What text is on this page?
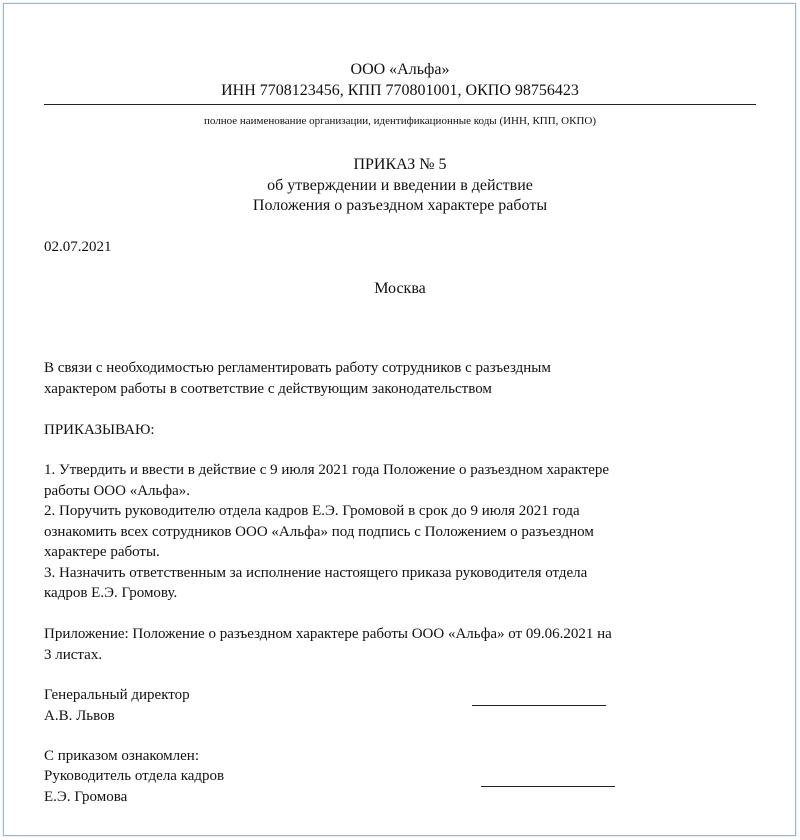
ООО «Альфа»
ИНН 7708123456, КПП 770801001, ОКПО 98756423
полное наименование организации, идентификационные коды (ИНН, КПП, ОКПО)
ПРИКАЗ № 5
об утверждении и введении в действие
Положения о разъездном характере работы
02.07.2021
Москва
В связи с необходимостью регламентировать работу сотрудников с разъездным
характером работы в соответствие с действующим законодательством
ПРИКАЗЫВАЮ:
1. Утвердить и ввести в действие с 9 июля 2021 года Положение о разъездном характере
работы ООО «Альфа».
2. Поручить руководителю отдела кадров Е.Э. Громовой в срок до 9 июля 2021 года
ознакомить всех сотрудников ООО «Альфа» под подпись с Положением о разъездном
характере работы.
3. Назначить ответственным за исполнение настоящего приказа руководителя отдела
кадров Е.Э. Громову.
Приложение: Положение о разъездном характере работы ООО «Альфа» от 09.06.2021 на
3 листах.
Генеральный директор
А.В. Львов
С приказом ознакомлен:
Руководитель отдела кадров
Е.Э. Громова
